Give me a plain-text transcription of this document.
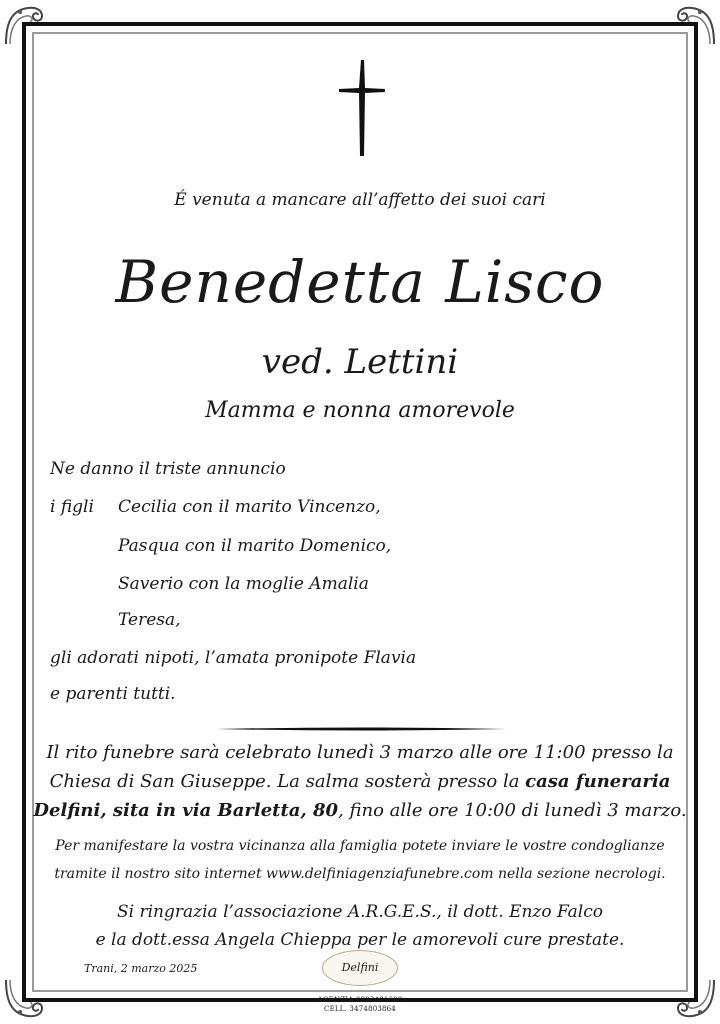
É venuta a mancare all’affetto dei suoi cari
Benedetta Lisco
ved. Lettini
Mamma e nonna amorevole
Ne danno il triste annuncio
i figli Cecilia con il marito Vincenzo,
Pasqua con il marito Domenico,
Saverio con la moglie Amalia
Teresa,
gli adorati nipoti, l’amata pronipote Flavia
e parenti tutti.
Il rito funebre sarà celebrato lunedì 3 marzo alle ore 11:00 presso la
Chiesa di San Giuseppe. La salma sosterà presso la casa funeraria
Delfini, sita in via Barletta, 80, fino alle ore 10:00 di lunedì 3 marzo.
Per manifestare la vostra vicinanza alla famiglia potete inviare le vostre condoglianze
tramite il nostro sito internet www.delfiniagenziafunebre.com nella sezione necrologi.
Si ringrazia l’associazione A.R.G.E.S., il dott. Enzo Falco
e la dott.essa Angela Chieppa per le amorevoli cure prestate.
Trani, 2 marzo 2025	Delfini
AGENZIA 0883481608
CELL. 3474803864
